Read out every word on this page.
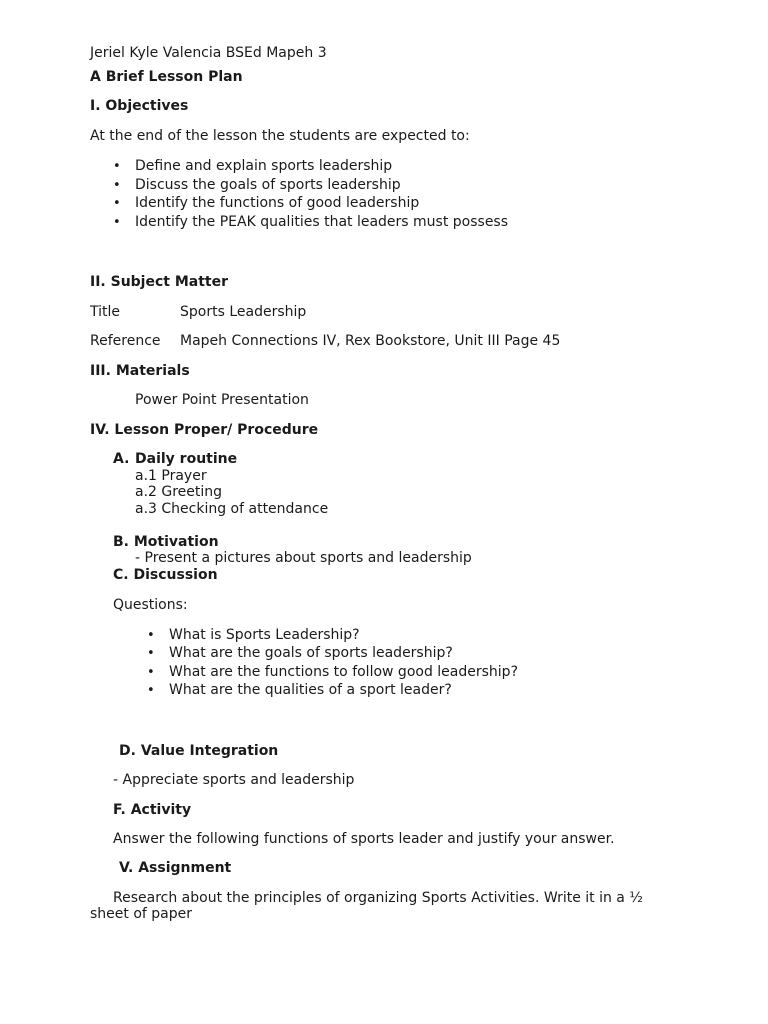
Jeriel Kyle Valencia BSEd Mapeh 3
A Brief Lesson Plan
I. Objectives
At the end of the lesson the students are expected to:
• Define and explain sports leadership
• Discuss the goals of sports leadership
• Identify the functions of good leadership
• Identify the PEAK qualities that leaders must possess
II. Subject Matter
Title	Sports Leadership
Reference Mapeh Connections IV, Rex Bookstore, Unit III Page 45
III. Materials
Power Point Presentation
IV. Lesson Proper/ Procedure
A. Daily routine
a.1 Prayer
a.2 Greeting
a.3 Checking of attendance
B. Motivation
- Present a pictures about sports and leadership
C. Discussion
Questions:
• What is Sports Leadership?
• What are the goals of sports leadership?
• What are the functions to follow good leadership?
• What are the qualities of a sport leader?
D. Value Integration
- Appreciate sports and leadership
F. Activity
Answer the following functions of sports leader and justify your answer.
V. Assignment
Research about the principles of organizing Sports Activities. Write it in a ½
sheet of paper
